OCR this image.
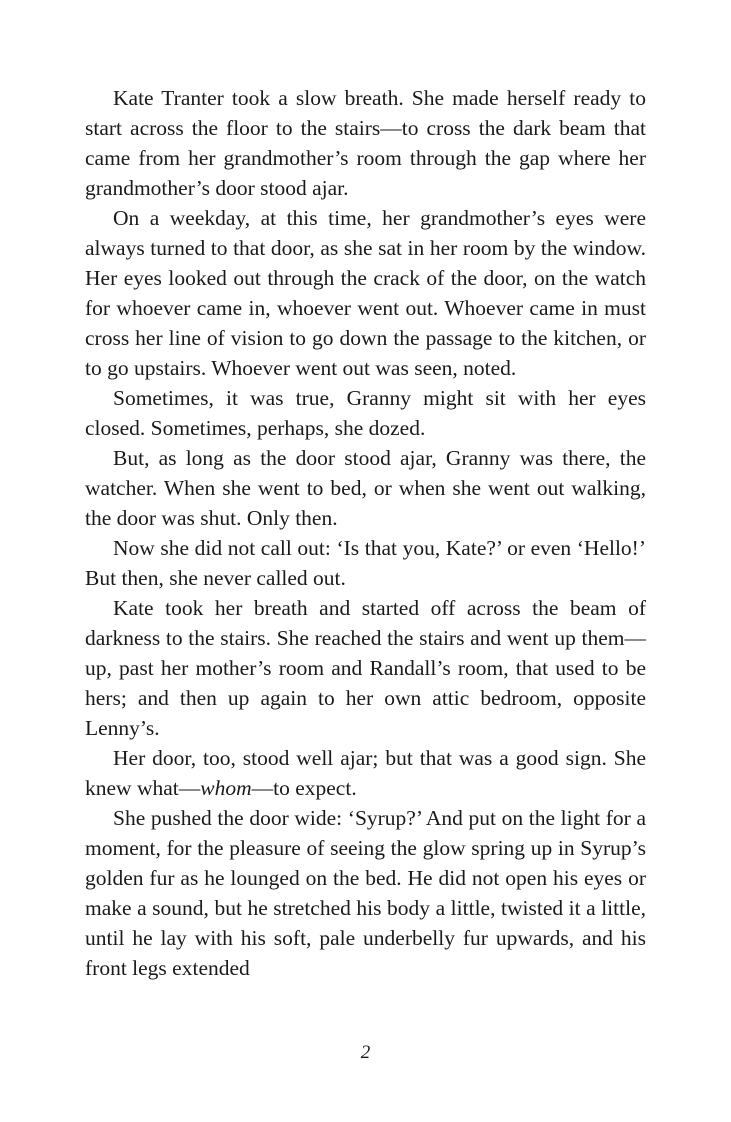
Kate Tranter took a slow breath. She made herself ready to start across the floor to the stairs—to cross the dark beam that came from her grandmother’s room through the gap where her grandmother’s door stood ajar.

On a weekday, at this time, her grandmother’s eyes were always turned to that door, as she sat in her room by the window. Her eyes looked out through the crack of the door, on the watch for whoever came in, whoever went out. Whoever came in must cross her line of vision to go down the passage to the kitchen, or to go upstairs. Whoever went out was seen, noted.

Sometimes, it was true, Granny might sit with her eyes closed. Sometimes, perhaps, she dozed.

But, as long as the door stood ajar, Granny was there, the watcher. When she went to bed, or when she went out walking, the door was shut. Only then.

Now she did not call out: ‘Is that you, Kate?’ or even ‘Hello!’ But then, she never called out.

Kate took her breath and started off across the beam of darkness to the stairs. She reached the stairs and went up them—up, past her mother’s room and Randall’s room, that used to be hers; and then up again to her own attic bedroom, opposite Lenny’s.

Her door, too, stood well ajar; but that was a good sign. She knew what—whom—to expect.

She pushed the door wide: ‘Syrup?’ And put on the light for a moment, for the pleasure of seeing the glow spring up in Syrup’s golden fur as he lounged on the bed. He did not open his eyes or make a sound, but he stretched his body a little, twisted it a little, until he lay with his soft, pale underbelly fur upwards, and his front legs extended

2
